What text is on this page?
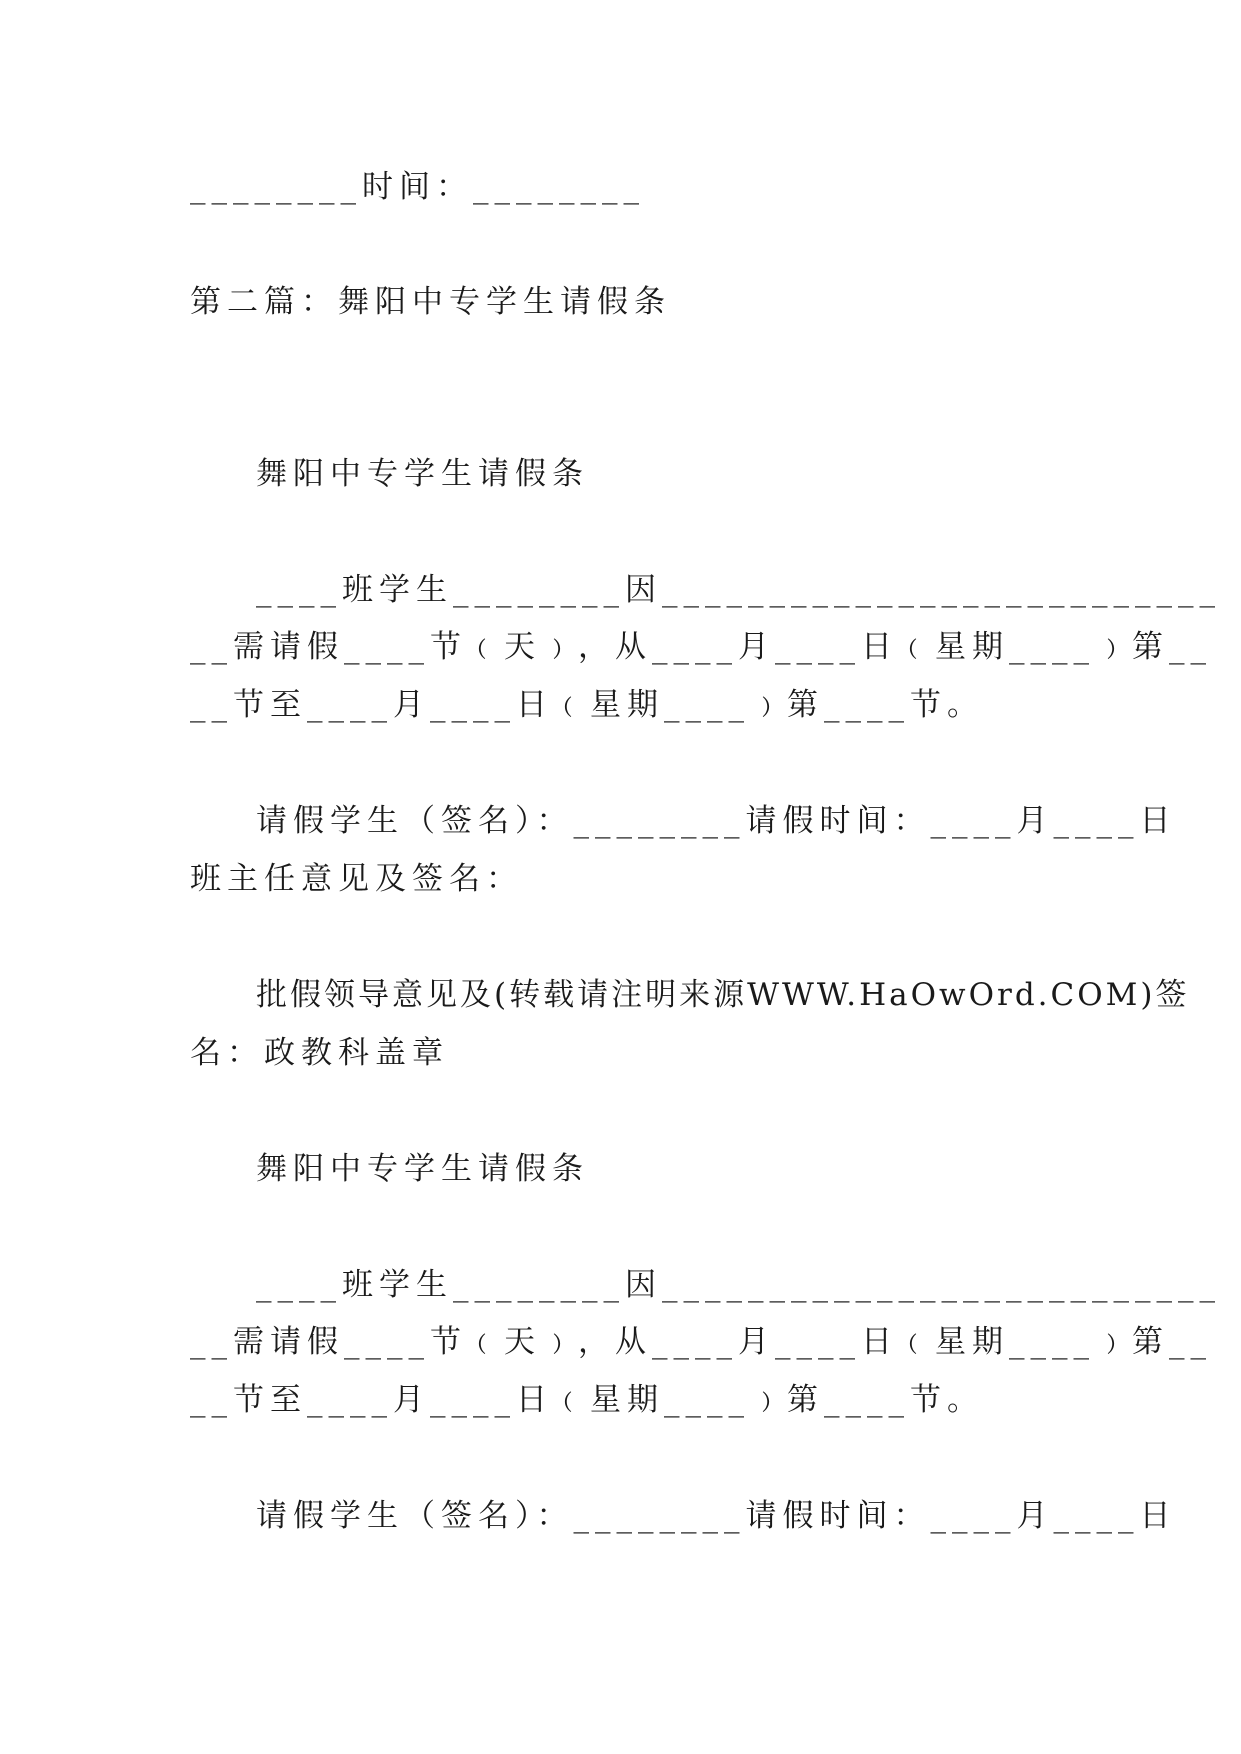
________时间：________
第二篇：舞阳中专学生请假条
舞阳中专学生请假条
____班学生________因__________________________
__需请假____节﹙天﹚，从____月____日﹙星期____﹚第__
__节至____月____日﹙星期____﹚第____节。
请假学生（签名）：________请假时间：____月____日
班主任意见及签名：
批假领导意见及(转载请注明来源WWW.HaOwOrd.COM)签
名：政教科盖章
舞阳中专学生请假条
____班学生________因__________________________
__需请假____节﹙天﹚，从____月____日﹙星期____﹚第__
__节至____月____日﹙星期____﹚第____节。
请假学生（签名）：________请假时间：____月____日
